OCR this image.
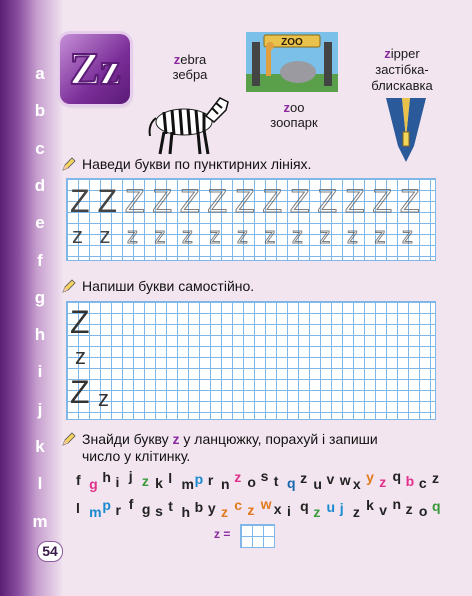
a
b
c
d
e
f
g
h
i
j
k
l
m
54
Zz	zebra
зебра
ZOO
zoo
зоопарк
zipper
застібка-
блискавка
Наведи букви по пунктирних лініях.
Z Z Z Z Z Z Z Z Z Z Z Z Z
z z z z z z z z z z z z z
Напиши букви самостійно.
Z
z
Z z
Знайди букву z у ланцюжку, порахуй і запиши
число у клітинку.
f g h i j z k l m p r n z o s t q z u v w x y z q b c z
l m p r f g s t h b y z c z w x i q z u j z k v n z o q
z =
